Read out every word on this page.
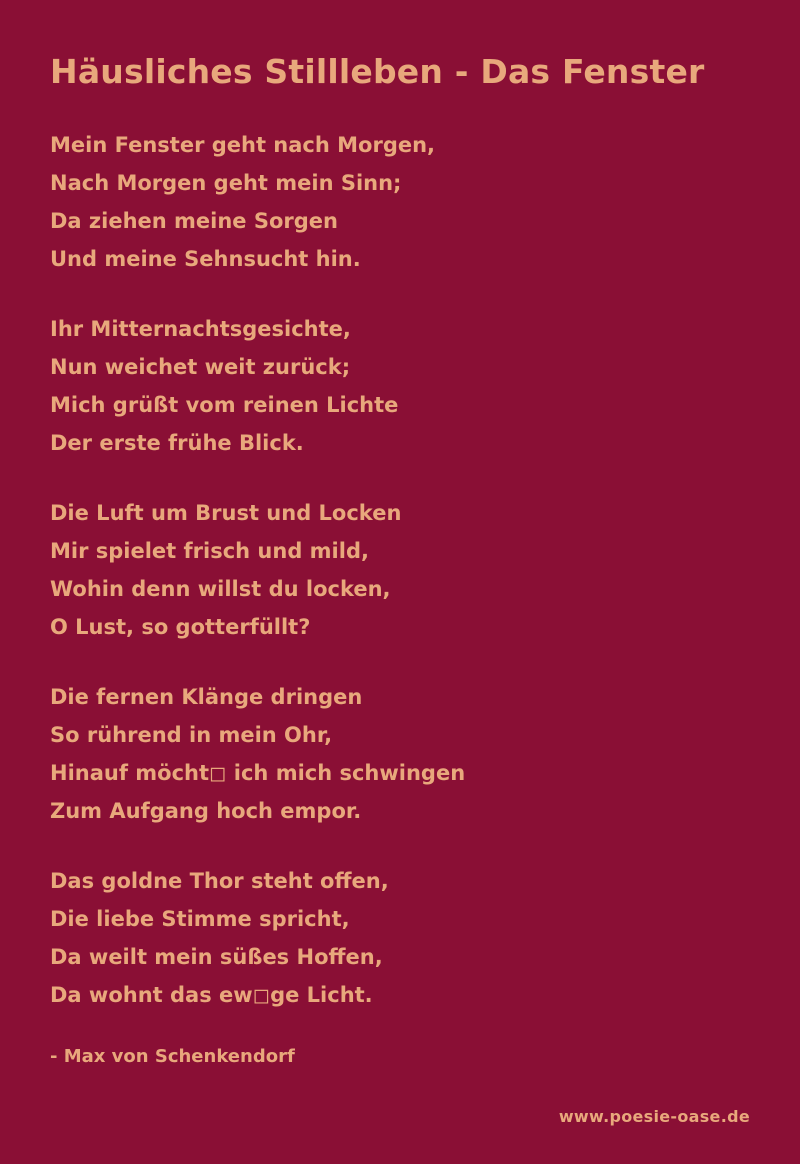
Häusliches Stillleben - Das Fenster
Mein Fenster geht nach Morgen,
Nach Morgen geht mein Sinn;
Da ziehen meine Sorgen
Und meine Sehnsucht hin.
Ihr Mitternachtsgesichte,
Nun weichet weit zurück;
Mich grüßt vom reinen Lichte
Der erste frühe Blick.
Die Luft um Brust und Locken
Mir spielet frisch und mild,
Wohin denn willst du locken,
O Lust, so gotterfüllt?
Die fernen Klänge dringen
So rührend in mein Ohr,
Hinauf möcht◻ ich mich schwingen
Zum Aufgang hoch empor.
Das goldne Thor steht offen,
Die liebe Stimme spricht,
Da weilt mein süßes Hoffen,
Da wohnt das ew◻ge Licht.
- Max von Schenkendorf
www.poesie-oase.de
